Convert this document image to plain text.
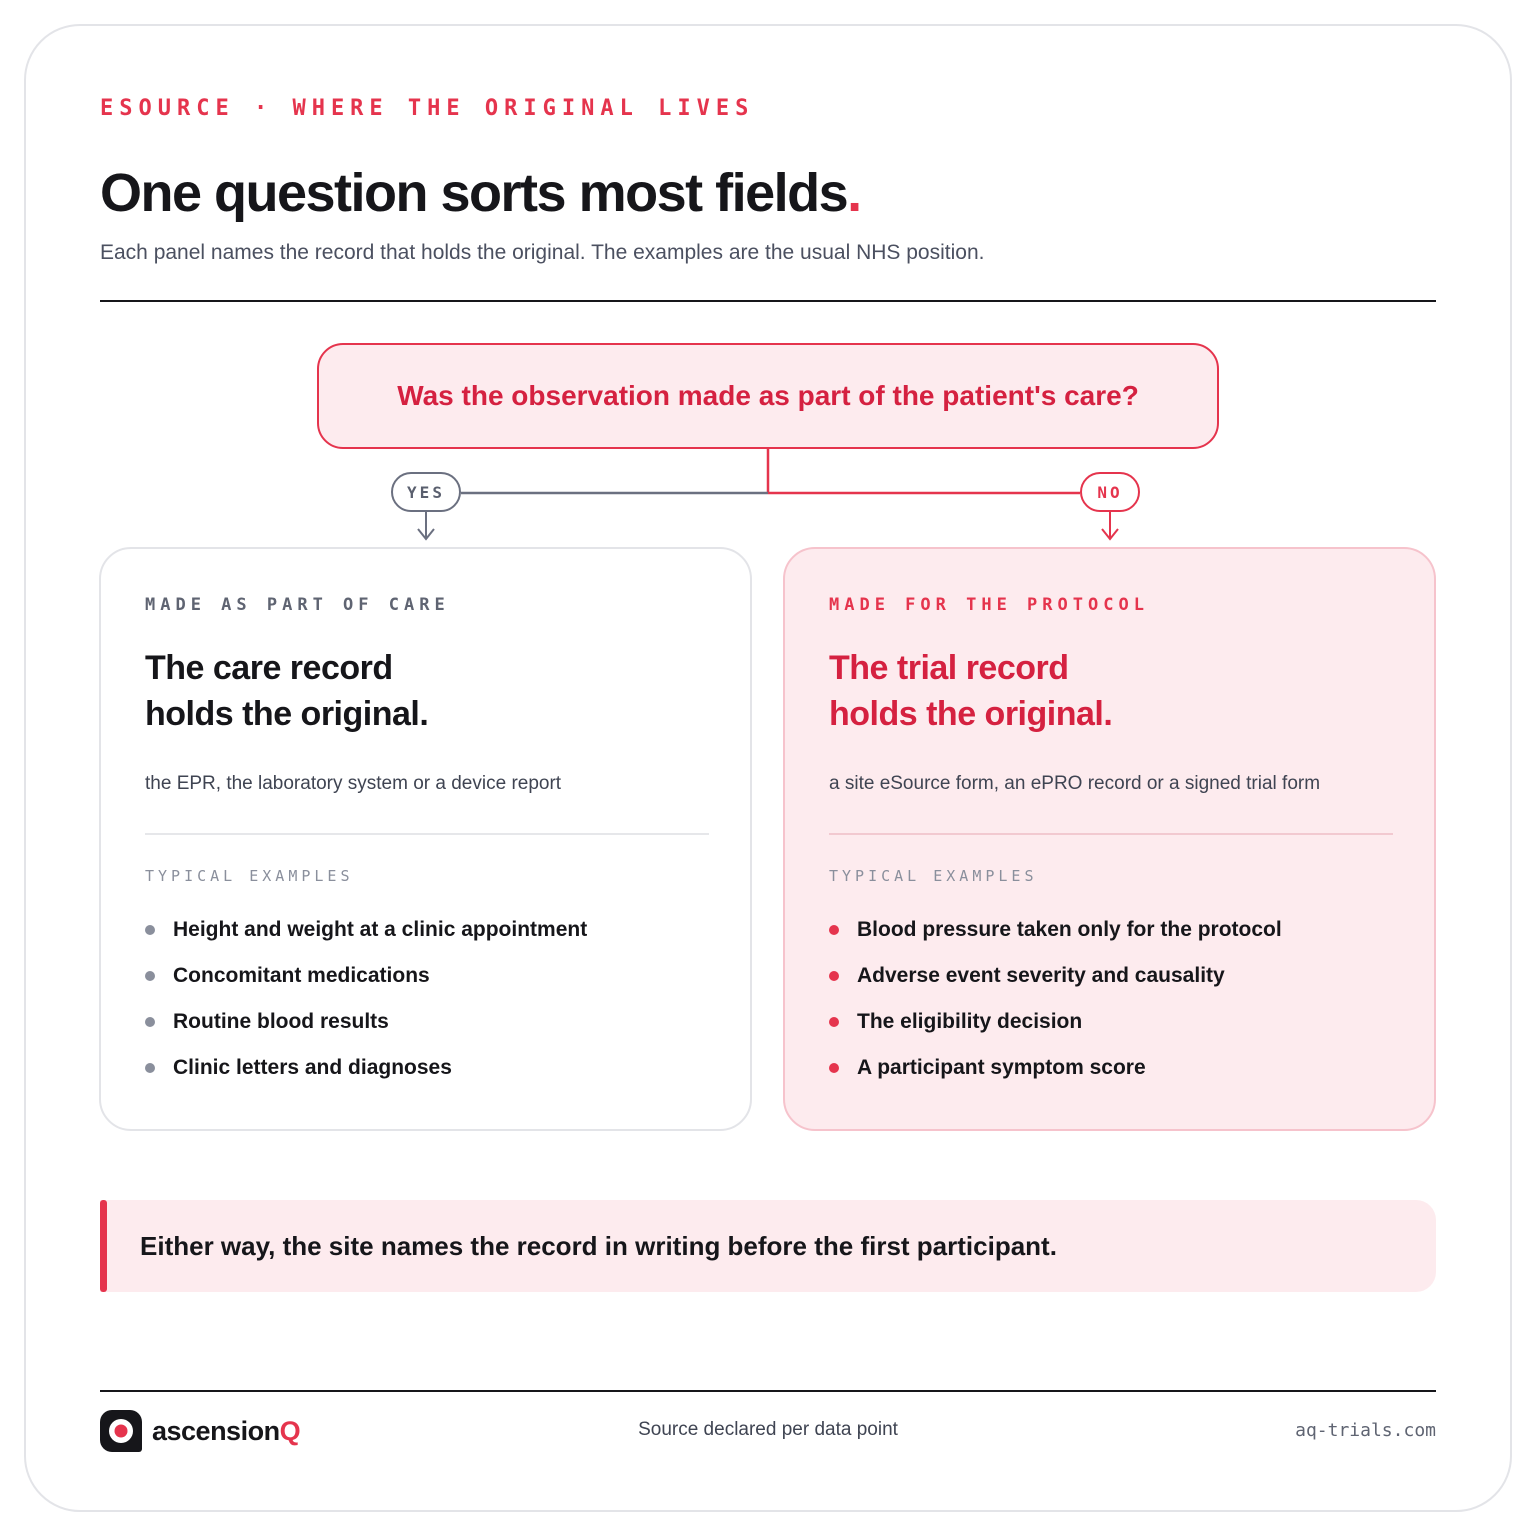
ESOURCE · WHERE THE ORIGINAL LIVES
One question sorts most fields.
Each panel names the record that holds the original. The examples are the usual NHS position.
Was the observation made as part of the patient's care?
YES	NO
MADE AS PART OF CARE
The care record
holds the original.
the EPR, the laboratory system or a device report
TYPICAL EXAMPLES
Height and weight at a clinic appointment
Concomitant medications
Routine blood results
Clinic letters and diagnoses
MADE FOR THE PROTOCOL
The trial record
holds the original.
a site eSource form, an ePRO record or a signed trial form
TYPICAL EXAMPLES
Blood pressure taken only for the protocol
Adverse event severity and causality
The eligibility decision
A participant symptom score
Either way, the site names the record in writing before the first participant.
ascensionQ	Source declared per data point	aq-trials.com
